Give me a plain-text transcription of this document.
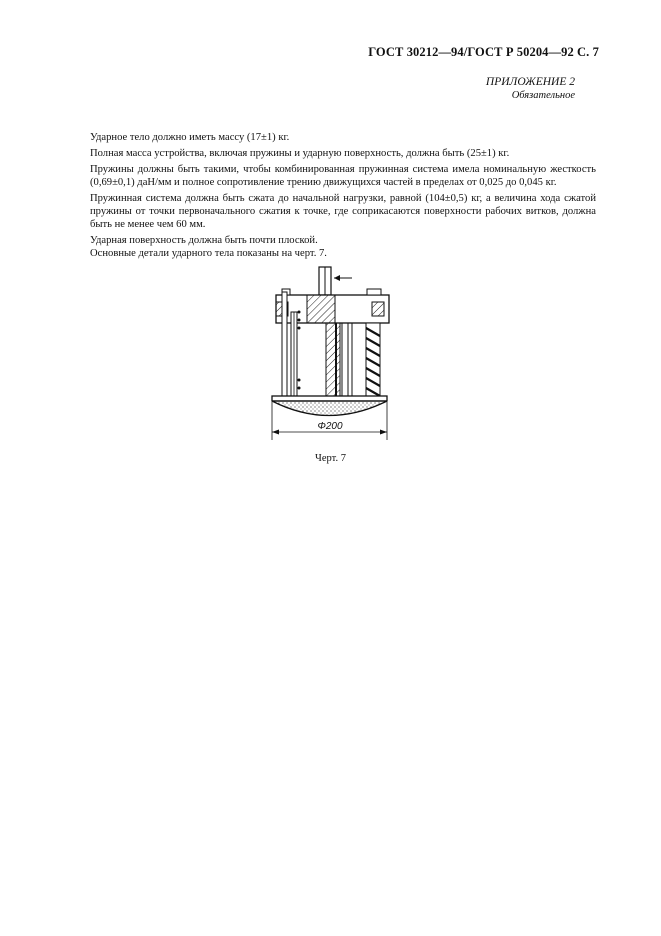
ГОСТ 30212—94/ГОСТ Р 50204—92 С. 7
ПРИЛОЖЕНИЕ 2
Обязательное

Ударное тело должно иметь массу (17±1) кг.

Полная масса устройства, включая пружины и ударную поверхность, должна быть (25±1) кг.

Пружины должны быть такими, чтобы комбинированная пружинная система имела номинальную жесткость (0,69±0,1) даН/мм и полное сопротивление трению движущихся частей в пределах от 0,025 до 0,045 кг.

Пружинная система должна быть сжата до начальной нагрузки, равной (104±0,5) кг, а величина хода сжатой пружины от точки первоначального сжатия к точке, где соприкасаются поверхности рабочих витков, должна быть не менее чем 60 мм.

Ударная поверхность должна быть почти плоской.

Основные детали ударного тела показаны на черт. 7.

Φ200
Черт. 7
